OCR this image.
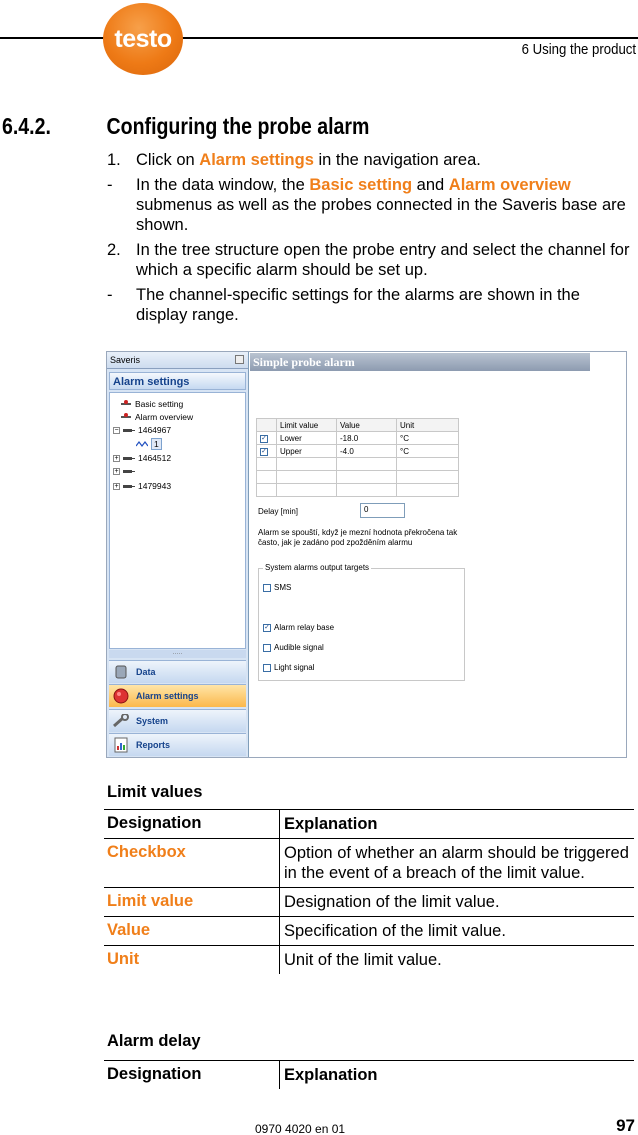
testo	6 Using the product
6.4.2. Configuring the probe alarm
1. Click on Alarm settings in the navigation area.
-	In the data window, the Basic setting and Alarm overview submenus as well as the probes connected in the Saveris base are shown.
2. In the tree structure open the probe entry and select the channel for which a specific alarm should be set up.
-	The channel-specific settings for the alarms are shown in the display range.
Saveris
Alarm settings
Basic setting
Alarm overview
− 1464967
1
+ 1464512
+
+ 1479943
.....
Data
Alarm settings
System
Reports
Simple probe alarm
	Limit value	Value	Unit
✓	Lower	-18.0	°C
✓	Upper	-4.0	°C

Delay [min]	0
Alarm se spouští, když je mezní hodnota překročena tak často, jak je zadáno pod zpožděním alarmu
System alarms output targets
SMS
✓ Alarm relay base
Audible signal
Light signal
Limit values
Designation	Explanation
Checkbox	Option of whether an alarm should be triggered in the event of a breach of the limit value.
Limit value	Designation of the limit value.
Value	Specification of the limit value.
Unit	Unit of the limit value.
Alarm delay
Designation	Explanation
0970 4020 en 01	97
